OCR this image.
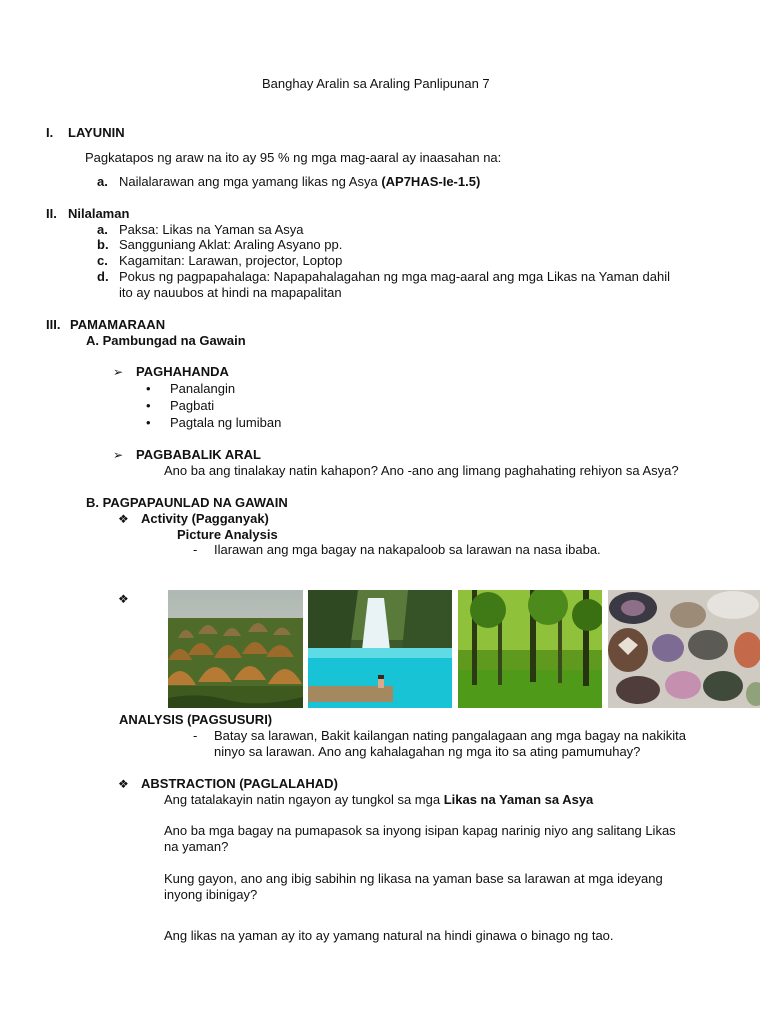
Banghay Aralin sa Araling Panlipunan 7
I. LAYUNIN
Pagkatapos ng araw na ito ay 95 % ng mga mag-aaral ay inaasahan na:
a. Nailalarawan ang mga yamang likas ng Asya (AP7HAS-Ie-1.5)
II. Nilalaman
a. Paksa: Likas na Yaman sa Asya
b. Sangguniang Aklat: Araling Asyano pp.
c. Kagamitan: Larawan, projector, Loptop
d. Pokus ng pagpapahalaga: Napapahalagahan ng mga mag-aaral ang mga Likas na Yaman dahil
ito ay nauubos at hindi na mapapalitan
III. PAMAMARAAN
A. Pambungad na Gawain
➢ PAGHAHANDA
• Panalangin
• Pagbati
• Pagtala ng lumiban
➢ PAGBABALIK ARAL
Ano ba ang tinalakay natin kahapon? Ano -ano ang limang paghahating rehiyon sa Asya?
B. PAGPAPAUNLAD NA GAWAIN
❖ Activity (Pagganyak)
Picture Analysis
- Ilarawan ang mga bagay na nakapaloob sa larawan na nasa ibaba.
❖
ANALYSIS (PAGSUSURI)
- Batay sa larawan, Bakit kailangan nating pangalagaan ang mga bagay na nakikita
ninyo sa larawan. Ano ang kahalagahan ng mga ito sa ating pamumuhay?
❖ ABSTRACTION (PAGLALAHAD)
Ang tatalakayin natin ngayon ay tungkol sa mga Likas na Yaman sa Asya
Ano ba mga bagay na pumapasok sa inyong isipan kapag narinig niyo ang salitang Likas
na yaman?
Kung gayon, ano ang ibig sabihin ng likasa na yaman base sa larawan at mga ideyang
inyong ibinigay?
Ang likas na yaman ay ito ay yamang natural na hindi ginawa o binago ng tao.
